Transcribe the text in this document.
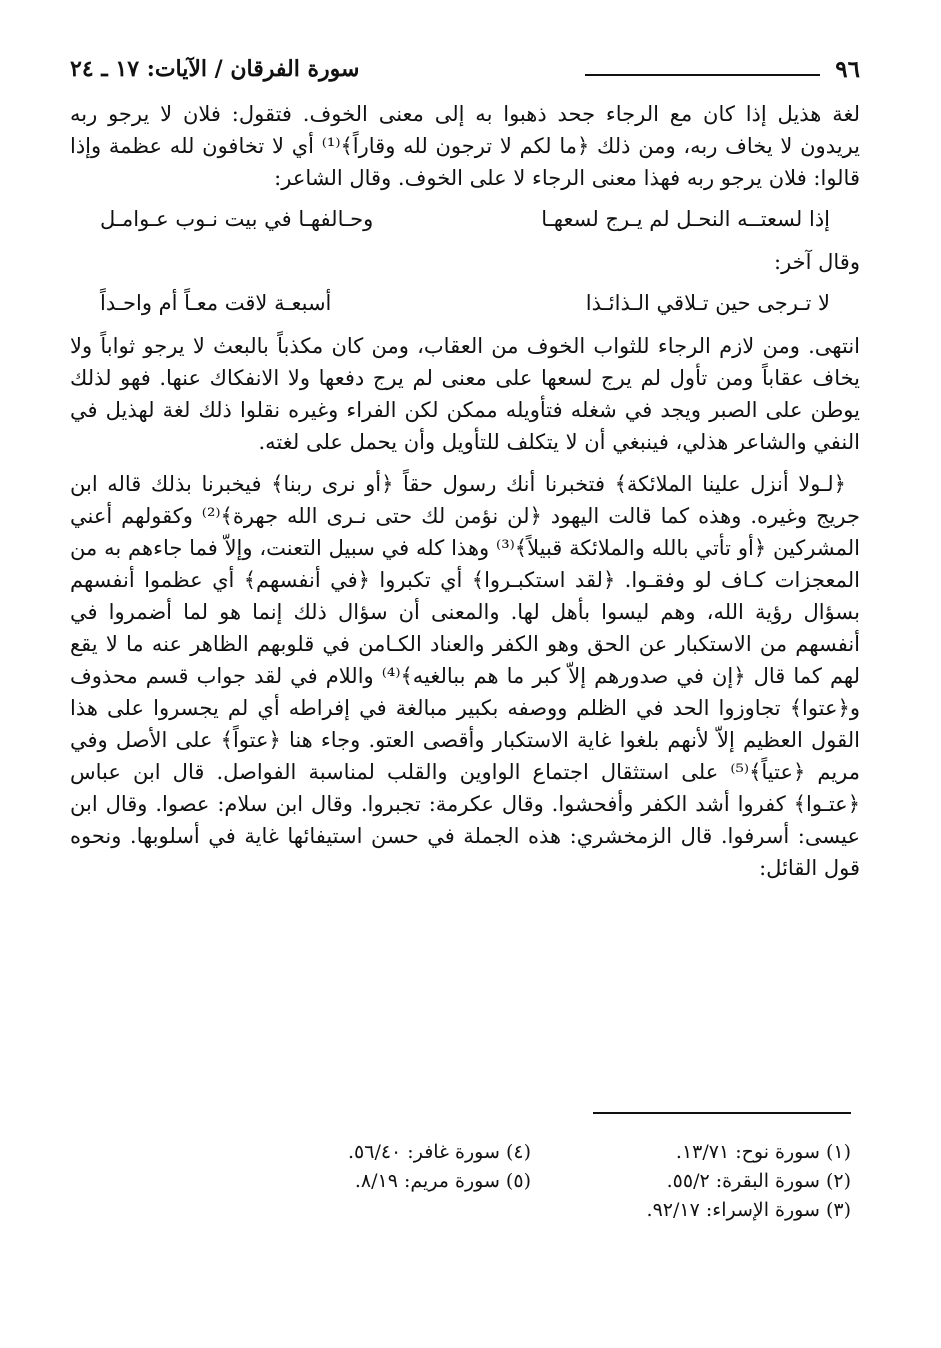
٩٦
سورة الفرقان / الآيات: ١٧ ـ ٢٤

لغة هذيل إذا كان مع الرجاء جحد ذهبوا به إلى معنى الخوف. فتقول: فلان لا يرجو ربه يريدون لا يخاف ربه، ومن ذلك ﴿ما لكم لا ترجون لله وقاراً﴾⁽¹⁾ أي لا تخافون لله عظمة وإذا قالوا: فلان يرجو ربه فهذا معنى الرجاء لا على الخوف. وقال الشاعر:

إذا لسعتــه النحـل لم يـرج لسعهـا
وحـالفهـا في بيت نـوب عـوامـل

وقال آخر:

لا تـرجى حين تـلاقي الـذائـذا
أسبعـة لاقت معـاً أم واحـداً

انتهى. ومن لازم الرجاء للثواب الخوف من العقاب، ومن كان مكذباً بالبعث لا يرجو ثواباً ولا يخاف عقاباً ومن تأول لم يرج لسعها على معنى لم يرج دفعها ولا الانفكاك عنها. فهو لذلك يوطن على الصبر ويجد في شغله فتأويله ممكن لكن الفراء وغيره نقلوا ذلك لغة لهذيل في النفي والشاعر هذلي، فينبغي أن لا يتكلف للتأويل وأن يحمل على لغته.

﴿لـولا أنزل علينا الملائكة﴾ فتخبرنا أنك رسول حقاً ﴿أو نرى ربنا﴾ فيخبرنا بذلك قاله ابن جريج وغيره. وهذه كما قالت اليهود ﴿لن نؤمن لك حتى نـرى الله جهرة﴾⁽²⁾ وكقولهم أعني المشركين ﴿أو تأتي بالله والملائكة قبيلاً﴾⁽³⁾ وهذا كله في سبيل التعنت، وإلاّ فما جاءهم به من المعجزات كـاف لو وفقـوا. ﴿لقد استكبـروا﴾ أي تكبروا ﴿في أنفسهم﴾ أي عظموا أنفسهم بسؤال رؤية الله، وهم ليسوا بأهل لها. والمعنى أن سؤال ذلك إنما هو لما أضمروا في أنفسهم من الاستكبار عن الحق وهو الكفر والعناد الكـامن في قلوبهم الظاهر عنه ما لا يقع لهم كما قال ﴿إن في صدورهم إلاّ كبر ما هم ببالغيه﴾⁽⁴⁾ واللام في لقد جواب قسم محذوف و﴿عتوا﴾ تجاوزوا الحد في الظلم ووصفه بكبير مبالغة في إفراطه أي لم يجسروا على هذا القول العظيم إلاّ لأنهم بلغوا غاية الاستكبار وأقصى العتو. وجاء هنا ﴿عتواً﴾ على الأصل وفي مريم ﴿عتياً﴾⁽⁵⁾ على استثقال اجتماع الواوين والقلب لمناسبة الفواصل. قال ابن عباس ﴿عتـوا﴾ كفروا أشد الكفر وأفحشوا. وقال عكرمة: تجبروا. وقال ابن سلام: عصوا. وقال ابن عيسى: أسرفوا. قال الزمخشري: هذه الجملة في حسن استيفائها غاية في أسلوبها. ونحوه قول القائل:

(١) سورة نوح: ١٣/٧١.
(٢) سورة البقرة: ٥٥/٢.
(٣) سورة الإسراء: ٩٢/١٧.
(٤) سورة غافر: ٥٦/٤٠.
(٥) سورة مريم: ٨/١٩.
